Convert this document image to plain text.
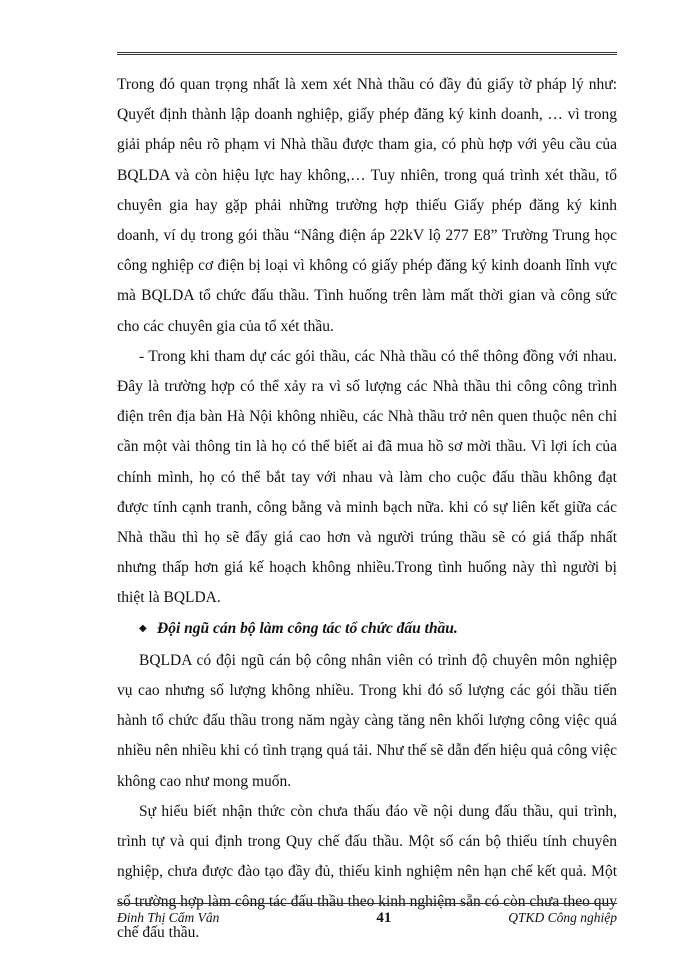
Trong đó quan trọng nhất là xem xét Nhà thầu có đầy đủ giấy tờ pháp lý như: Quyết định thành lập doanh nghiệp, giấy phép đăng ký kinh doanh, … vì trong giải pháp nêu rõ phạm vi Nhà thầu được tham gia, có phù hợp với yêu cầu của BQLDA và còn hiệu lực hay không,… Tuy nhiên, trong quá trình xét thầu, tổ chuyên gia hay gặp phải những trường hợp thiếu Giấy phép đăng ký kinh doanh, ví dụ trong gói thầu “Nâng điện áp 22kV lộ 277 E8” Trường Trung học công nghiệp cơ điện bị loại vì không có giấy phép đăng ký kinh doanh lĩnh vực mà BQLDA tổ chức đấu thầu. Tình huống trên làm mất thời gian và công sức cho các chuyên gia của tổ xét thầu.

- Trong khi tham dự các gói thầu, các Nhà thầu có thể thông đồng với nhau. Đây là trường hợp có thể xảy ra vì số lượng các Nhà thầu thi công công trình điện trên địa bàn Hà Nội không nhiều, các Nhà thầu trở nên quen thuộc nên chỉ cần một vài thông tin là họ có thể biết ai đã mua hồ sơ mời thầu. Vì lợi ích của chính mình, họ có thể bắt tay với nhau và làm cho cuộc đấu thầu không đạt được tính cạnh tranh, công bằng và minh bạch nữa. khi có sự liên kết giữa các Nhà thầu thì họ sẽ đẩy giá cao hơn và người trúng thầu sẽ có giá thấp nhất nhưng thấp hơn giá kế hoạch không nhiều.Trong tình huống này thì người bị thiệt là BQLDA.

◆ Đội ngũ cán bộ làm công tác tổ chức đấu thầu.

BQLDA có đội ngũ cán bộ công nhân viên có trình độ chuyên môn nghiệp vụ cao nhưng số lượng không nhiều. Trong khi đó số lượng các gói thầu tiến hành tổ chức đấu thầu trong năm ngày càng tăng nên khối lượng công việc quá nhiều nên nhiều khi có tình trạng quá tải. Như thế sẽ dẫn đến hiệu quả công việc không cao như mong muốn.

Sự hiểu biết nhận thức còn chưa thấu đáo về nội dung đấu thầu, qui trình, trình tự và qui định trong Quy chế đấu thầu. Một số cán bộ thiếu tính chuyên nghiệp, chưa được đào tạo đầy đủ, thiếu kinh nghiệm nên hạn chế kết quả. Một số trường hợp làm công tác đấu thầu theo kinh nghiệm sẵn có còn chưa theo quy chế đấu thầu.

Đinh Thị Cẩm Vân	41	QTKD Công nghiệp
